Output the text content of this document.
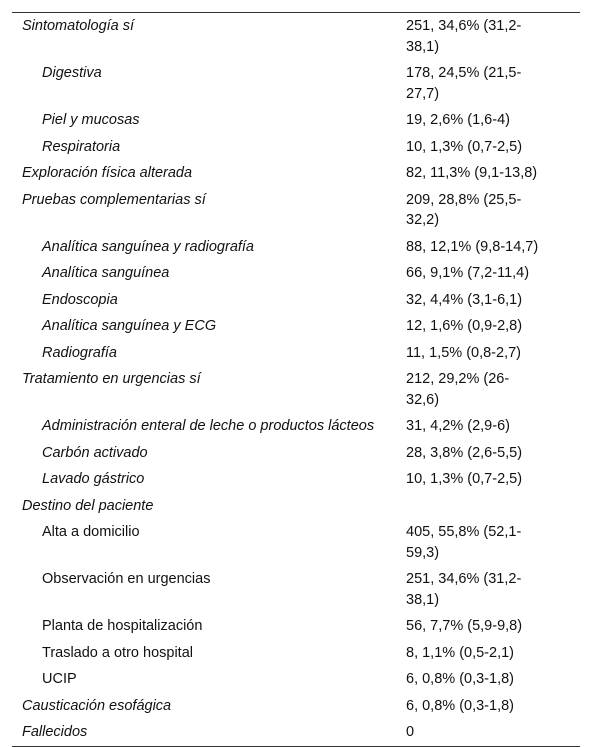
Sintomatología sí	251, 34,6% (31,2-38,1)
Digestiva	178, 24,5% (21,5-27,7)
Piel y mucosas	19, 2,6% (1,6-4)
Respiratoria	10, 1,3% (0,7-2,5)
Exploración física alterada	82, 11,3% (9,1-13,8)
Pruebas complementarias sí	209, 28,8% (25,5-32,2)
Analítica sanguínea y radiografía	88, 12,1% (9,8-14,7)
Analítica sanguínea	66, 9,1% (7,2-11,4)
Endoscopia	32, 4,4% (3,1-6,1)
Analítica sanguínea y ECG	12, 1,6% (0,9-2,8)
Radiografía	11, 1,5% (0,8-2,7)
Tratamiento en urgencias sí	212, 29,2% (26-32,6)
Administración enteral de leche o productos lácteos	31, 4,2% (2,9-6)
Carbón activado	28, 3,8% (2,6-5,5)
Lavado gástrico	10, 1,3% (0,7-2,5)
Destino del paciente
Alta a domicilio	405, 55,8% (52,1-59,3)
Observación en urgencias	251, 34,6% (31,2-38,1)
Planta de hospitalización	56, 7,7% (5,9-9,8)
Traslado a otro hospital	8, 1,1% (0,5-2,1)
UCIP	6, 0,8% (0,3-1,8)
Causticación esofágica	6, 0,8% (0,3-1,8)
Fallecidos	0
